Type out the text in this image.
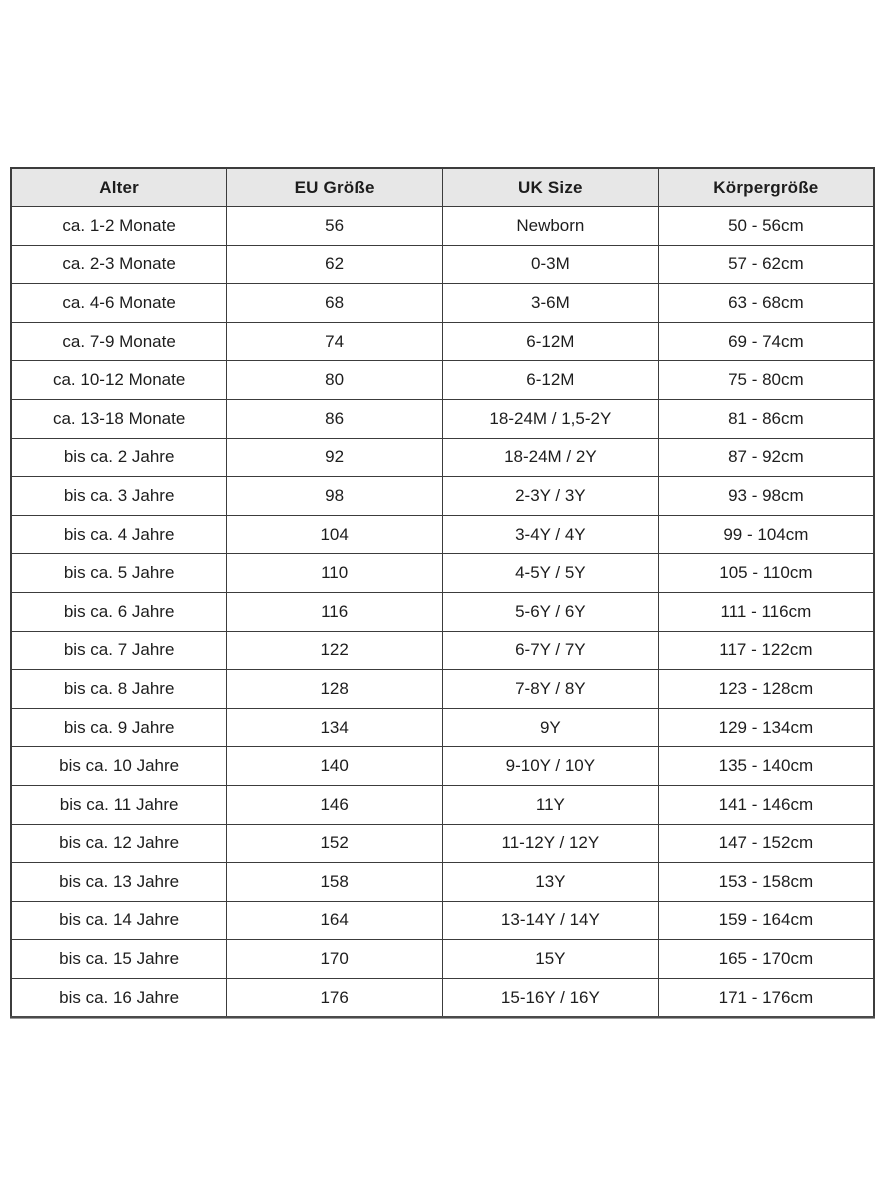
Alter	EU Größe	UK Size	Körpergröße
ca. 1-2 Monate	56	Newborn	50 - 56cm
ca. 2-3 Monate	62	0-3M	57 - 62cm
ca. 4-6 Monate	68	3-6M	63 - 68cm
ca. 7-9 Monate	74	6-12M	69 - 74cm
ca. 10-12 Monate	80	6-12M	75 - 80cm
ca. 13-18 Monate	86	18-24M / 1,5-2Y	81 - 86cm
bis ca. 2 Jahre	92	18-24M / 2Y	87 - 92cm
bis ca. 3 Jahre	98	2-3Y / 3Y	93 - 98cm
bis ca. 4 Jahre	104	3-4Y / 4Y	99 - 104cm
bis ca. 5 Jahre	110	4-5Y / 5Y	105 - 110cm
bis ca. 6 Jahre	116	5-6Y / 6Y	111 - 116cm
bis ca. 7 Jahre	122	6-7Y / 7Y	117 - 122cm
bis ca. 8 Jahre	128	7-8Y / 8Y	123 - 128cm
bis ca. 9 Jahre	134	9Y	129 - 134cm
bis ca. 10 Jahre	140	9-10Y / 10Y	135 - 140cm
bis ca. 11 Jahre	146	11Y	141 - 146cm
bis ca. 12 Jahre	152	11-12Y / 12Y	147 - 152cm
bis ca. 13 Jahre	158	13Y	153 - 158cm
bis ca. 14 Jahre	164	13-14Y / 14Y	159 - 164cm
bis ca. 15 Jahre	170	15Y	165 - 170cm
bis ca. 16 Jahre	176	15-16Y / 16Y	171 - 176cm
